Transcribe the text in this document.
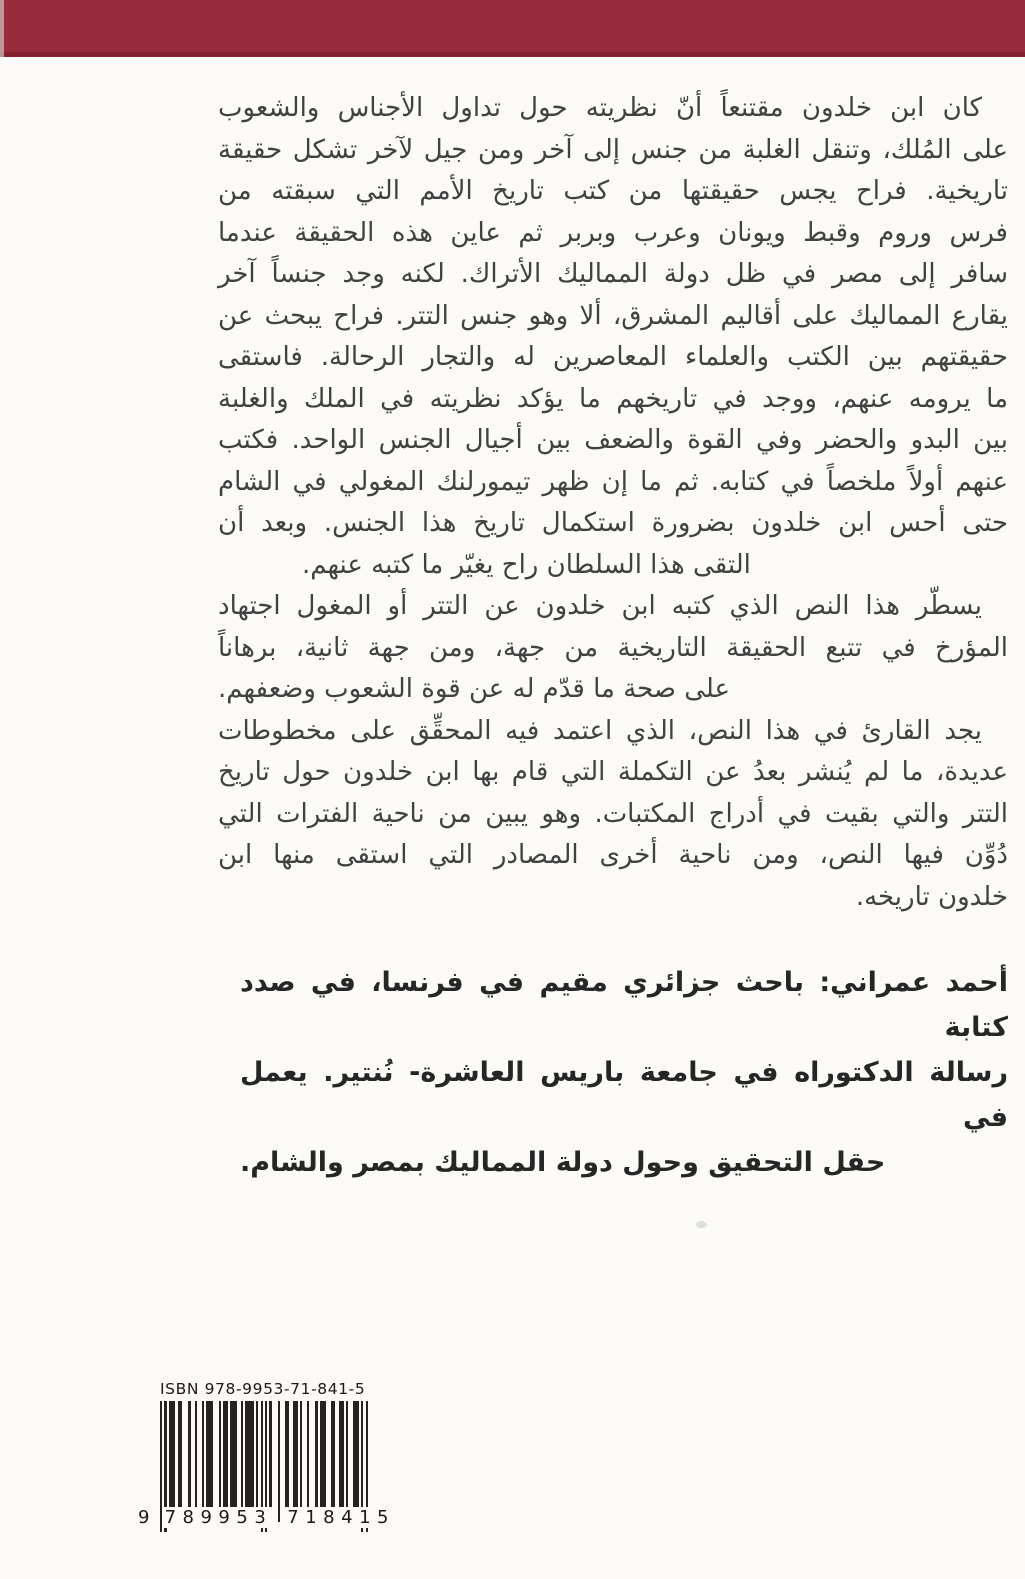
كان ابن خلدون مقتنعاً أنّ نظريته حول تداول الأجناس والشعوب
على المُلك، وتنقل الغلبة من جنس إلى آخر ومن جيل لآخر تشكل حقيقة
تاريخية. فراح يجس حقيقتها من كتب تاريخ الأمم التي سبقته من
فرس وروم وقبط ويونان وعرب وبربر ثم عاين هذه الحقيقة عندما
سافر إلى مصر في ظل دولة المماليك الأتراك. لكنه وجد جنساً آخر
يقارع المماليك على أقاليم المشرق، ألا وهو جنس التتر. فراح يبحث عن
حقيقتهم بين الكتب والعلماء المعاصرين له والتجار الرحالة. فاستقى
ما يرومه عنهم، ووجد في تاريخهم ما يؤكد نظريته في الملك والغلبة
بين البدو والحضر وفي القوة والضعف بين أجيال الجنس الواحد. فكتب
عنهم أولاً ملخصاً في كتابه. ثم ما إن ظهر تيمورلنك المغولي في الشام
حتى أحس ابن خلدون بضرورة استكمال تاريخ هذا الجنس. وبعد أن
التقى هذا السلطان راح يغيّر ما كتبه عنهم.
يسطّر هذا النص الذي كتبه ابن خلدون عن التتر أو المغول اجتهاد
المؤرخ في تتبع الحقيقة التاريخية من جهة، ومن جهة ثانية، برهاناً
على صحة ما قدّم له عن قوة الشعوب وضعفهم.
يجد القارئ في هذا النص، الذي اعتمد فيه المحقِّق على مخطوطات
عديدة، ما لم يُنشر بعدُ عن التكملة التي قام بها ابن خلدون حول تاريخ
التتر والتي بقيت في أدراج المكتبات. وهو يبين من ناحية الفترات التي
دُوِّن فيها النص، ومن ناحية أخرى المصادر التي استقى منها ابن
خلدون تاريخه.
أحمد عمراني: باحث جزائري مقيم في فرنسا، في صدد كتابة
رسالة الدكتوراه في جامعة باريس العاشرة- نُنتير. يعمل في
حقل التحقيق وحول دولة المماليك بمصر والشام.
ISBN 978-9953-71-841-5
9 789953 718415
